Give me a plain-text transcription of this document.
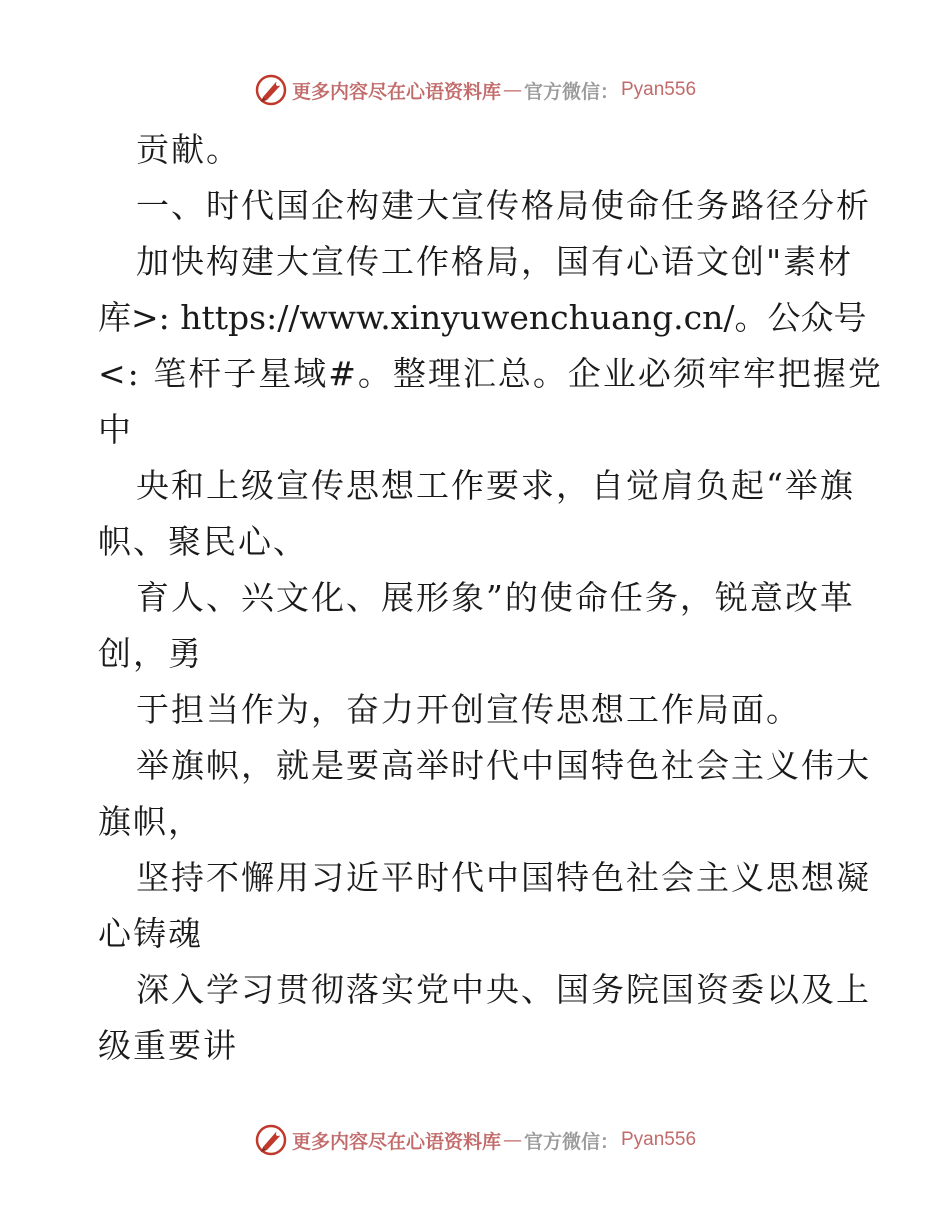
更多内容尽在心语资料库 — 官方微信： Pyan556
贡献。
一、时代国企构建大宣传格局使命任务路径分析
加快构建大宣传工作格局，国有心语文创"素材
库>: https://www.xinyuwenchuang.cn/。公众号
<: 笔杆子星域#。整理汇总。企业必须牢牢把握党
中
央和上级宣传思想工作要求，自觉肩负起“举旗
帜、聚民心、
育人、兴文化、展形象”的使命任务，锐意改革
创，勇
于担当作为，奋力开创宣传思想工作局面。
举旗帜，就是要高举时代中国特色社会主义伟大
旗帜，
坚持不懈用习近平时代中国特色社会主义思想凝
心铸魂
深入学习贯彻落实党中央、国务院国资委以及上
级重要讲
更多内容尽在心语资料库 — 官方微信： Pyan556
